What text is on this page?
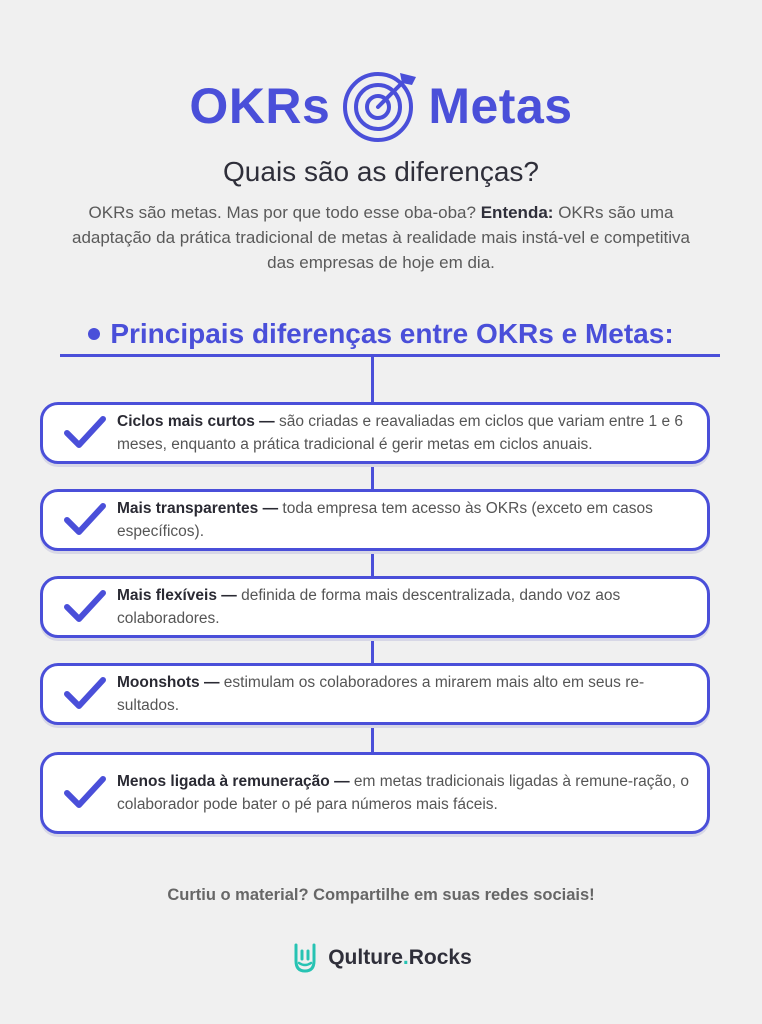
OKRs Metas
Quais são as diferenças?
OKRs são metas. Mas por que todo esse oba-oba? Entenda: OKRs são uma adaptação da prática tradicional de metas à realidade mais instá-vel e competitiva das empresas de hoje em dia.
Principais diferenças entre OKRs e Metas:
Ciclos mais curtos — são criadas e reavaliadas em ciclos que variam entre 1 e 6 meses, enquanto a prática tradicional é gerir metas em ciclos anuais.
Mais transparentes — toda empresa tem acesso às OKRs (exceto em casos específicos).
Mais flexíveis — definida de forma mais descentralizada, dando voz aos colaboradores.
Moonshots — estimulam os colaboradores a mirarem mais alto em seus re-sultados.
Menos ligada à remuneração — em metas tradicionais ligadas à remune-ração, o colaborador pode bater o pé para números mais fáceis.
Curtiu o material? Compartilhe em suas redes sociais!
Qulture.Rocks
